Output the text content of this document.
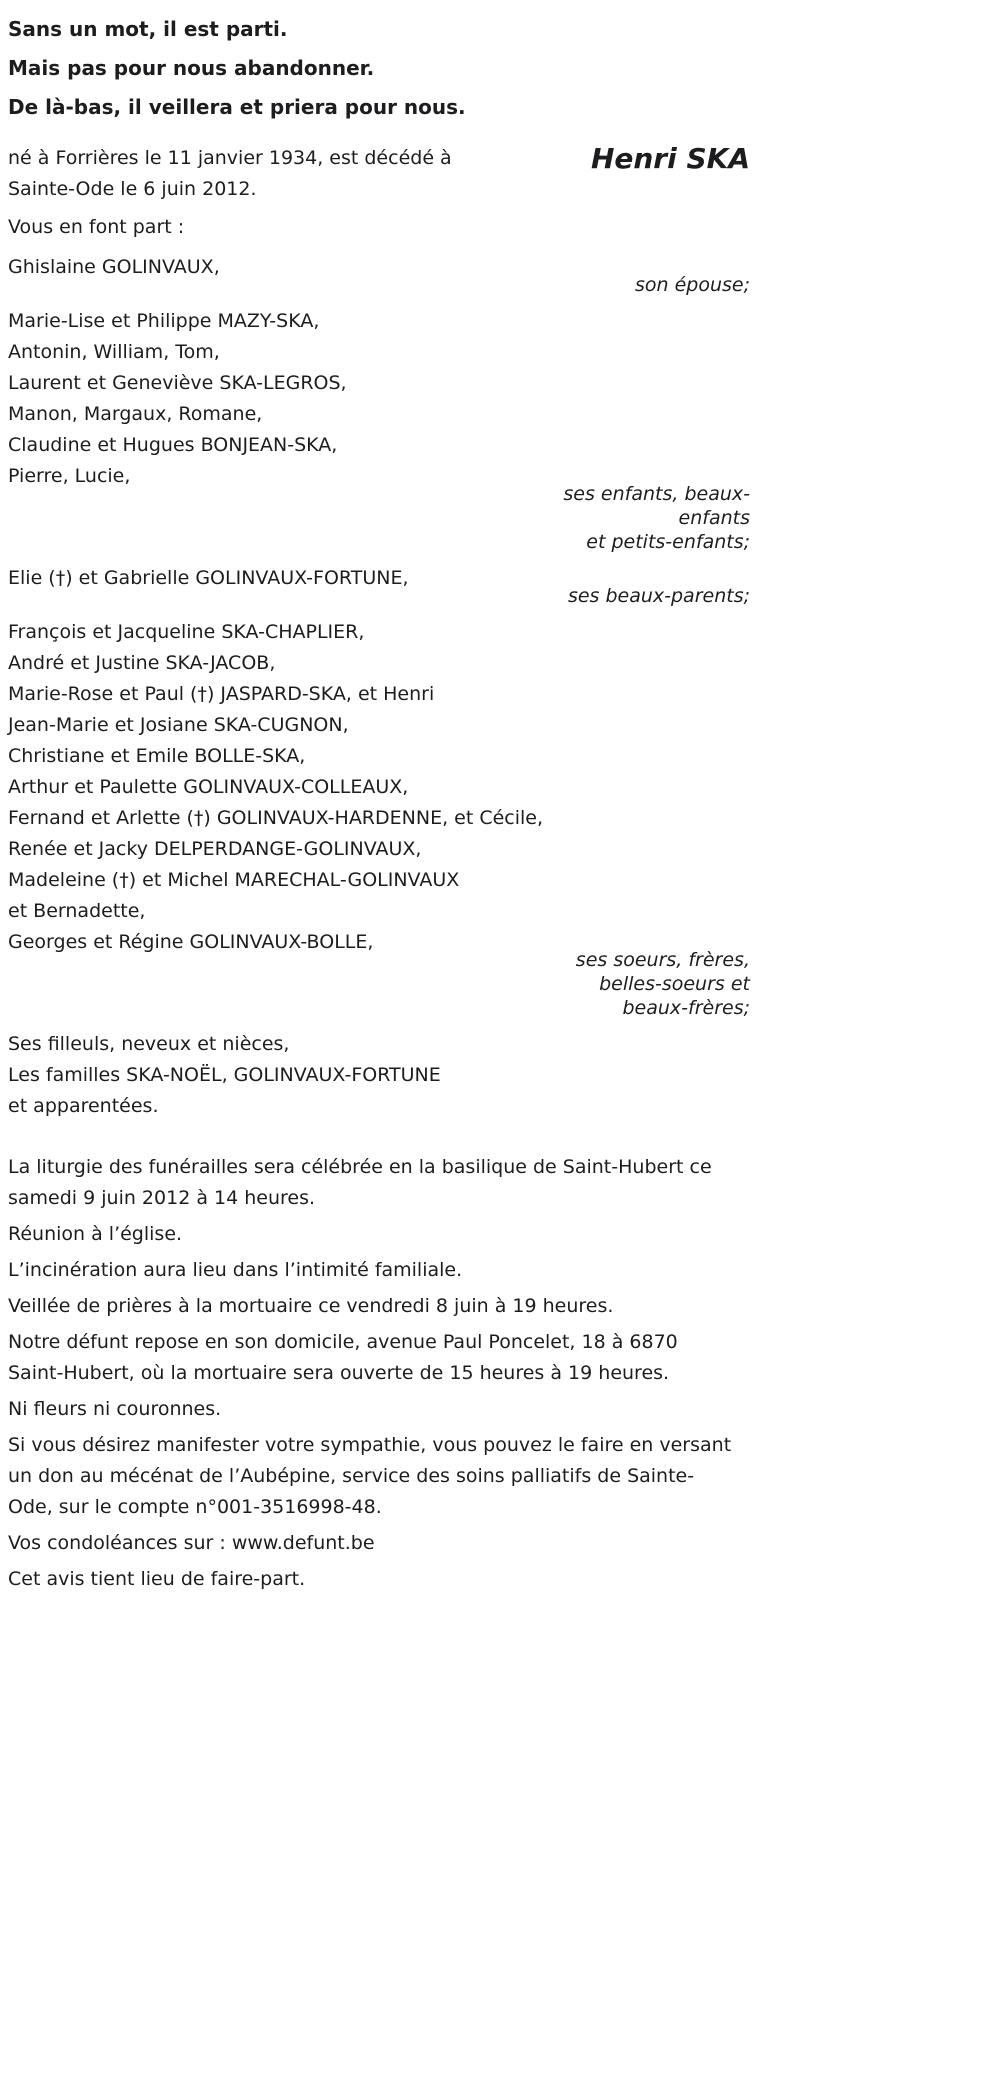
Sans un mot, il est parti.

Mais pas pour nous abandonner.

De là-bas, il veillera et priera pour nous.

né à Forrières le 11 janvier 1934, est décédé à Sainte-Ode le 6 juin 2012.

Henri SKA

Vous en font part :

Ghislaine GOLINVAUX,

son épouse;

Marie-Lise et Philippe MAZY-SKA,

Antonin, William, Tom,

Laurent et Geneviève SKA-LEGROS,

Manon, Margaux, Romane,

Claudine et Hugues BONJEAN-SKA,

Pierre, Lucie,

ses enfants, beaux-
enfants
et petits-enfants;

Elie (†) et Gabrielle GOLINVAUX-FORTUNE,

ses beaux-parents;

François et Jacqueline SKA-CHAPLIER,

André et Justine SKA-JACOB,

Marie-Rose et Paul (†) JASPARD-SKA, et Henri

Jean-Marie et Josiane SKA-CUGNON,

Christiane et Emile BOLLE-SKA,

Arthur et Paulette GOLINVAUX-COLLEAUX,

Fernand et Arlette (†) GOLINVAUX-HARDENNE, et Cécile,

Renée et Jacky DELPERDANGE-GOLINVAUX,

Madeleine (†) et Michel MARECHAL-GOLINVAUX

et Bernadette,

Georges et Régine GOLINVAUX-BOLLE,

ses soeurs, frères,
belles-soeurs et
beaux-frères;

Ses filleuls, neveux et nièces,

Les familles SKA-NOËL, GOLINVAUX-FORTUNE

et apparentées.

La liturgie des funérailles sera célébrée en la basilique de Saint-Hubert ce samedi 9 juin 2012 à 14 heures.

Réunion à l’église.

L’incinération aura lieu dans l’intimité familiale.

Veillée de prières à la mortuaire ce vendredi 8 juin à 19 heures.

Notre défunt repose en son domicile, avenue Paul Poncelet, 18 à 6870 Saint-Hubert, où la mortuaire sera ouverte de 15 heures à 19 heures.

Ni fleurs ni couronnes.

Si vous désirez manifester votre sympathie, vous pouvez le faire en versant un don au mécénat de l’Aubépine, service des soins palliatifs de Sainte-Ode, sur le compte n°001-3516998-48.

Vos condoléances sur : www.defunt.be

Cet avis tient lieu de faire-part.
